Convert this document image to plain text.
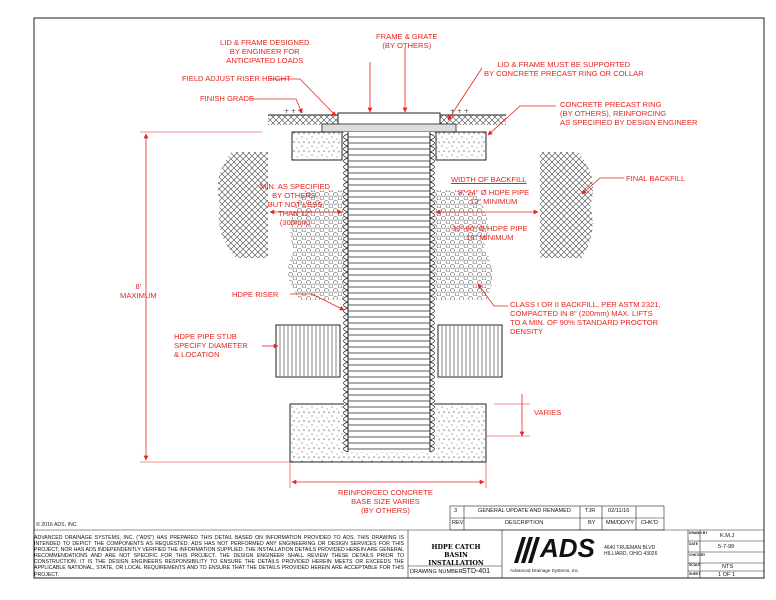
+ + +	+ + +
LID & FRAME DESIGNED
BY ENGINEER FOR
ANTICIPATED LOADS
FRAME & GRATE
(BY OTHERS)
LID & FRAME MUST BE SUPPORTED
BY CONCRETE PRECAST RING OR COLLAR
FIELD ADJUST RISER HEIGHT
FINISH GRADE
CONCRETE PRECAST RING
(BY OTHERS), REINFORCING
AS SPECIFIED BY DESIGN ENGINEER
WIDTH OF BACKFILL
8"-24" Ø HDPE PIPE
12" MINIMUM
30"-60" Ø HDPE PIPE
18" MINIMUM
MIN. AS SPECIFIED
BY OTHERS,
BUT NOT LESS
THAN 12"
(300mm)
FINAL BACKFILL
8'
MAXIMUM	HDPE RISER
HDPE PIPE STUB
SPECIFY DIAMETER
& LOCATION
CLASS I OR II BACKFILL, PER ASTM 2321,
COMPACTED IN 8" (200mm) MAX. LIFTS
TO A MIN. OF 90% STANDARD PROCTOR
DENSITY
VARIES
REINFORCED CONCRETE
BASE SIZE VARIES
(BY OTHERS)	3	GENERAL UPDATE AND RENAMED	TJR 02/11/16
REV.	DESCRIPTION	BY MM/DD/YY CHK'D
© 2016 ADS, INC.

ADVANCED DRAINAGE SYSTEMS, INC. ("ADS") HAS PREPARED THIS DETAIL BASED ON INFORMATION PROVIDED TO ADS. THIS DRAWING IS INTENDED TO DEPICT THE COMPONENTS AS REQUESTED. ADS HAS NOT PERFORMED ANY ENGINEERING OR DESIGN SERVICES FOR THIS PROJECT, NOR HAS ADS INDEPENDENTLY VERIFIED THE INFORMATION SUPPLIED. THE INSTALLATION DETAILS PROVIDED HEREIN ARE GENERAL RECOMMENDATIONS AND ARE NOT SPECIFIC FOR THIS PROJECT. THE DESIGN ENGINEER SHALL REVIEW THESE DETAILS PRIOR TO CONSTRUCTION. IT IS THE DESIGN ENGINEERS RESPONSIBILITY TO ENSURE THE DETAILS PROVIDED HEREIN MEETS OR EXCEEDS THE APPLICABLE NATIONAL, STATE, OR LOCAL REQUIREMENTS AND TO ENSURE THAT THE DETAILS PROVIDED HEREIN ARE ACCEPTABLE FOR THIS PROJECT.

HDPE CATCH BASIN
INSTALLATION
DRAWING NUMBER:
STD-401
ADS
Advanced Drainage Systems, Inc.
4640 TRUEMAN BLVD
HILLIARD, OHIO 43026
DRAWN BY K.M.J
DATE	5-7-99
CHK'D BY
SCALE	NTS
SHEET	1 OF 1
